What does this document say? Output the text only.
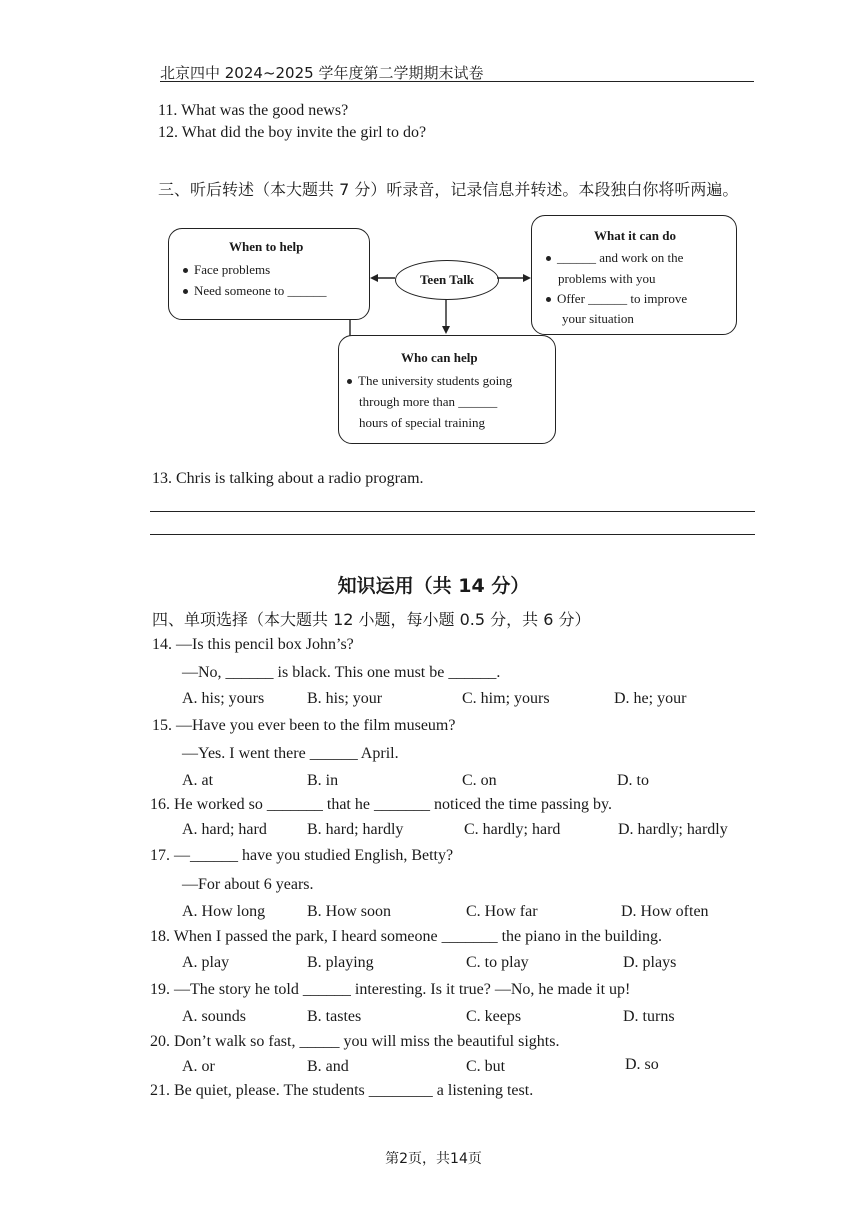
北京四中 2024~2025 学年度第二学期期末试卷
11. What was the good news?
12. What did the boy invite the girl to do?
三、听后转述（本大题共 7 分）听录音，记录信息并转述。本段独白你将听两遍。
Teen Talk
When to help
Face problems
Need someone to ______
What it can do
______ and work on the
problems with you
Offer ______ to improve
your situation
Who can help
The university students going
through more than ______
hours of special training
13. Chris is talking about a radio program.
知识运用（共 14 分）
四、单项选择（本大题共 12 小题，每小题 0.5 分，共 6 分）
14. —Is this pencil box John’s?
—No, ______ is black. This one must be ______.
A. his; yours	B. his; your	C. him; yours	D. he; your
15. —Have you ever been to the film museum?
—Yes. I went there ______ April.
A. at	B. in	C. on	D. to
16. He worked so _______ that he _______ noticed the time passing by.
A. hard; hard	B. hard; hardly	C. hardly; hard	D. hardly; hardly
17. —______ have you studied English, Betty?
—For about 6 years.
A. How long	B. How soon	C. How far	D. How often
18. When I passed the park, I heard someone _______ the piano in the building.
A. play	B. playing	C. to play	D. plays
19. —The story he told ______ interesting. Is it true? —No, he made it up!
A. sounds	B. tastes	C. keeps	D. turns
20. Don’t walk so fast, _____ you will miss the beautiful sights.
A. or	B. and	C. but	D. so
21. Be quiet, please. The students ________ a listening test.
第2页，共14页
